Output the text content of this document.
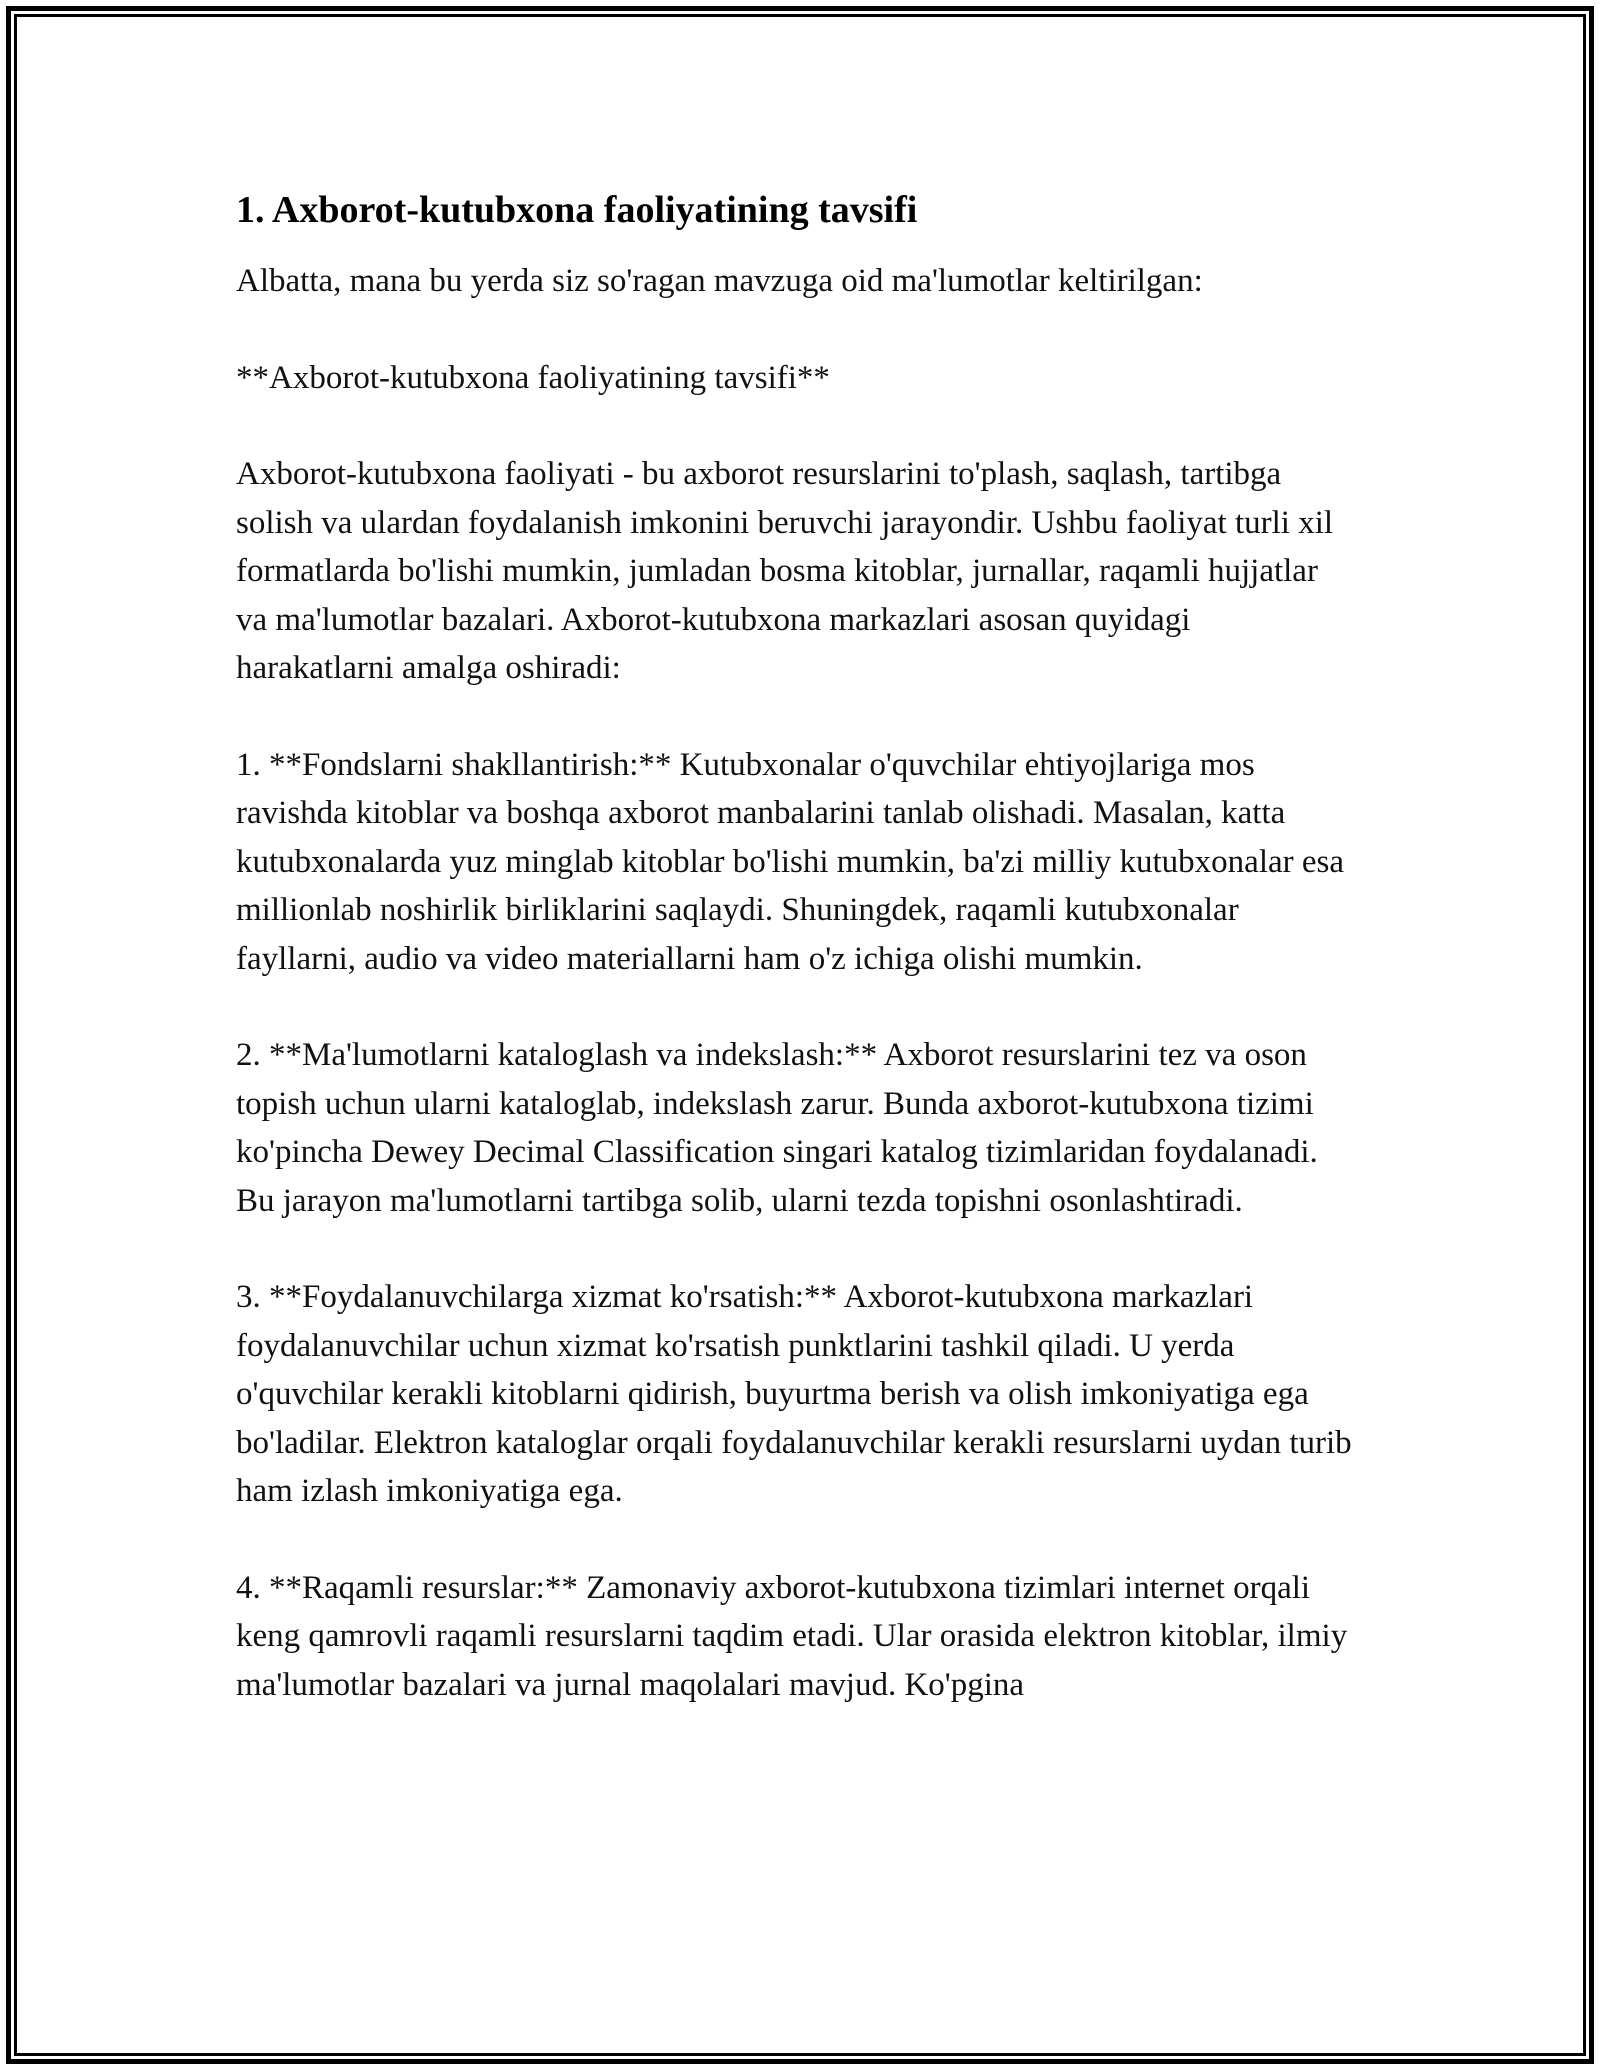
1. Axborot-kutubxona faoliyatining tavsifi

Albatta, mana bu yerda siz so'ragan mavzuga oid ma'lumotlar keltirilgan:

**Axborot-kutubxona faoliyatining tavsifi**

Axborot-kutubxona faoliyati - bu axborot resurslarini to'plash, saqlash, tartibga solish va ulardan foydalanish imkonini beruvchi jarayondir. Ushbu faoliyat turli xil formatlarda bo'lishi mumkin, jumladan bosma kitoblar, jurnallar, raqamli hujjatlar va ma'lumotlar bazalari. Axborot-kutubxona markazlari asosan quyidagi harakatlarni amalga oshiradi:

1. **Fondslarni shakllantirish:** Kutubxonalar o'quvchilar ehtiyojlariga mos ravishda kitoblar va boshqa axborot manbalarini tanlab olishadi. Masalan, katta kutubxonalarda yuz minglab kitoblar bo'lishi mumkin, ba'zi milliy kutubxonalar esa millionlab noshirlik birliklarini saqlaydi. Shuningdek, raqamli kutubxonalar fayllarni, audio va video materiallarni ham o'z ichiga olishi mumkin.

2. **Ma'lumotlarni kataloglash va indekslash:** Axborot resurslarini tez va oson topish uchun ularni kataloglab, indekslash zarur. Bunda axborot-kutubxona tizimi ko'pincha Dewey Decimal Classification singari katalog tizimlaridan foydalanadi. Bu jarayon ma'lumotlarni tartibga solib, ularni tezda topishni osonlashtiradi.

3. **Foydalanuvchilarga xizmat ko'rsatish:** Axborot-kutubxona markazlari foydalanuvchilar uchun xizmat ko'rsatish punktlarini tashkil qiladi. U yerda o'quvchilar kerakli kitoblarni qidirish, buyurtma berish va olish imkoniyatiga ega bo'ladilar. Elektron kataloglar orqali foydalanuvchilar kerakli resurslarni uydan turib ham izlash imkoniyatiga ega.

4. **Raqamli resurslar:** Zamonaviy axborot-kutubxona tizimlari internet orqali keng qamrovli raqamli resurslarni taqdim etadi. Ular orasida elektron kitoblar, ilmiy ma'lumotlar bazalari va jurnal maqolalari mavjud. Ko'pgina
